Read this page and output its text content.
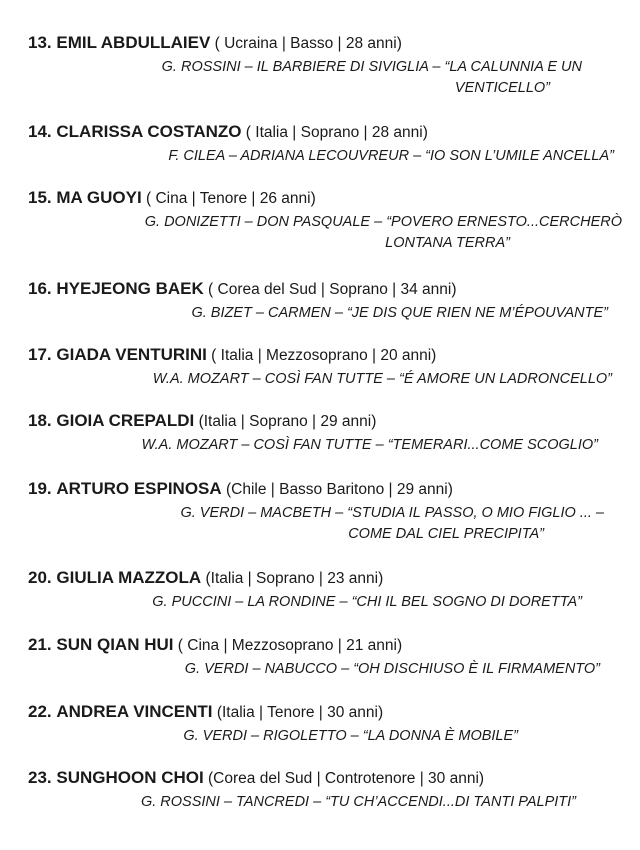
13. EMIL ABDULLAIEV ( Ucraina | Basso | 28 anni)
G. ROSSINI – IL BARBIERE DI SIVIGLIA – “LA CALUNNIA E UN
VENTICELLO”
14. CLARISSA COSTANZO ( Italia | Soprano | 28 anni)
F. CILEA – ADRIANA LECOUVREUR – “IO SON L’UMILE ANCELLA”
15. MA GUOYI ( Cina | Tenore | 26 anni)
G. DONIZETTI – DON PASQUALE – “POVERO ERNESTO...CERCHERÒ
LONTANA TERRA”
16. HYEJEONG BAEK ( Corea del Sud | Soprano | 34 anni)
G. BIZET – CARMEN – “JE DIS QUE RIEN NE M’ÉPOUVANTE”
17. GIADA VENTURINI ( Italia | Mezzosoprano | 20 anni)
W.A. MOZART – COSÌ FAN TUTTE – “É AMORE UN LADRONCELLO”
18. GIOIA CREPALDI (Italia | Soprano | 29 anni)
W.A. MOZART – COSÌ FAN TUTTE – “TEMERARI...COME SCOGLIO”
19. ARTURO ESPINOSA (Chile | Basso Baritono | 29 anni)
G. VERDI – MACBETH – “STUDIA IL PASSO, O MIO FIGLIO ... –
COME DAL CIEL PRECIPITA”
20. GIULIA MAZZOLA (Italia | Soprano | 23 anni)
G. PUCCINI – LA RONDINE – “CHI IL BEL SOGNO DI DORETTA”
21. SUN QIAN HUI ( Cina | Mezzosoprano | 21 anni)
G. VERDI – NABUCCO – “OH DISCHIUSO È IL FIRMAMENTO”
22. ANDREA VINCENTI (Italia | Tenore | 30 anni)
G. VERDI – RIGOLETTO – “LA DONNA È MOBILE”
23. SUNGHOON CHOI (Corea del Sud | Controtenore | 30 anni)
G. ROSSINI – TANCREDI – “TU CH’ACCENDI...DI TANTI PALPITI”
